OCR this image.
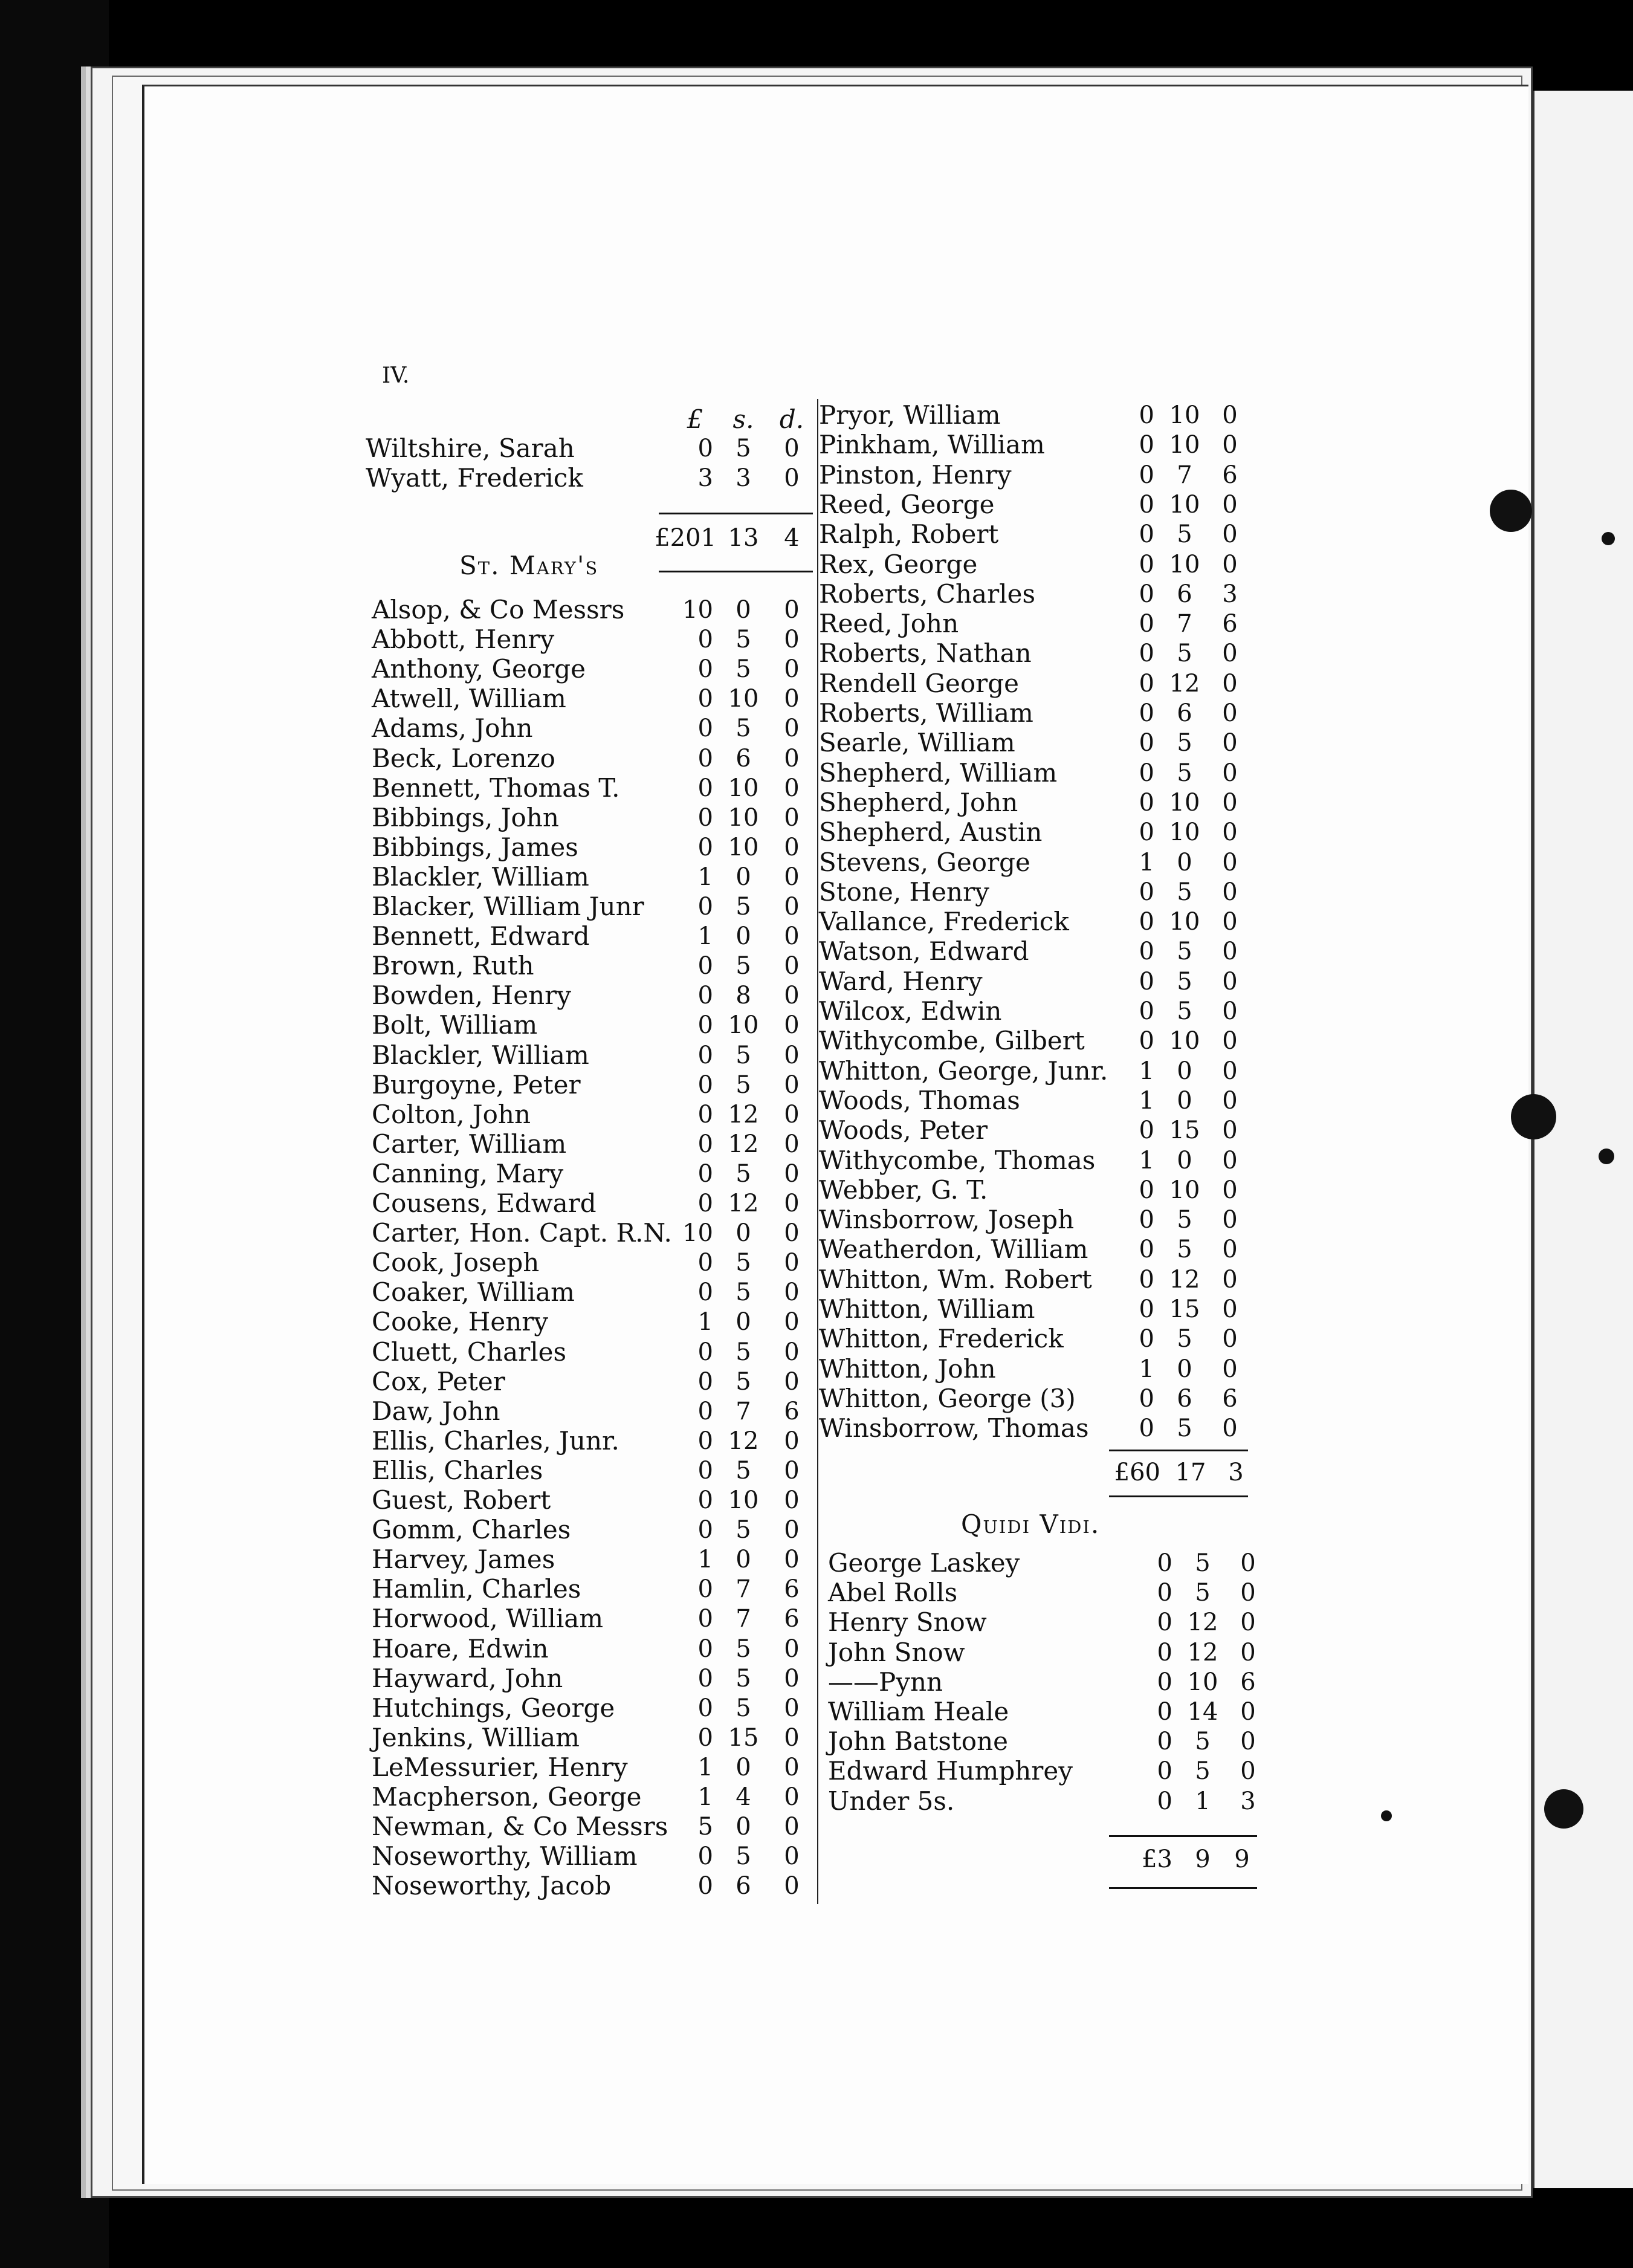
IV.
£	s.	d.
Wiltshire, Sarah	0 5	0
Wyatt, Frederick	3 3	0
£201 13 4
St. Mary's
Alsop, & Co Messrs 10 0	0
Abbott, Henry	0 5	0
Anthony, George	0 5	0
Atwell, William	0 10 0
Adams, John	0 5	0
Beck, Lorenzo	0 6	0
Bennett, Thomas T.	0 10 0
Bibbings, John	0 10 0
Bibbings, James	0 10 0
Blackler, William	1 0	0
Blacker, William Junr	0 5	0
Bennett, Edward	1 0	0
Brown, Ruth	0 5	0
Bowden, Henry	0 8	0
Bolt, William	0 10 0
Blackler, William	0 5	0
Burgoyne, Peter	0 5	0
Colton, John	0 12 0
Carter, William	0 12 0
Canning, Mary	0 5	0
Cousens, Edward	0 12 0
Carter, Hon. Capt. R.N. 10 0	0
Cook, Joseph	0 5	0
Coaker, William	0 5	0
Cooke, Henry	1 0	0
Cluett, Charles	0 5	0
Cox, Peter	0 5	0
Daw, John	0 7	6
Ellis, Charles, Junr.	0 12 0
Ellis, Charles	0 5	0
Guest, Robert	0 10 0
Gomm, Charles	0 5	0
Harvey, James	1 0	0
Hamlin, Charles	0 7	6
Horwood, William	0 7	6
Hoare, Edwin	0 5	0
Hayward, John	0 5	0
Hutchings, George	0 5	0
Jenkins, William	0 15 0
LeMessurier, Henry	1 0	0
Macpherson, George	1 4	0
Newman, & Co Messrs	5 0	0
Noseworthy, William	0 5	0
Noseworthy, Jacob	0 6	0
Pryor, William	0 10 0
Pinkham, William	0 10 0
Pinston, Henry	0 7	6
Reed, George	0 10 0
Ralph, Robert	0 5	0
Rex, George	0 10 0
Roberts, Charles	0 6	3
Reed, John	0 7	6
Roberts, Nathan	0 5	0
Rendell George	0 12 0
Roberts, William	0 6	0
Searle, William	0 5	0
Shepherd, William	0 5	0
Shepherd, John	0 10 0
Shepherd, Austin	0 10 0
Stevens, George	1 0	0
Stone, Henry	0 5	0
Vallance, Frederick	0 10 0
Watson, Edward	0 5	0
Ward, Henry	0 5	0
Wilcox, Edwin	0 5	0
Withycombe, Gilbert	0 10 0
Whitton, George, Junr.	1 0	0
Woods, Thomas	1 0	0
Woods, Peter	0 15 0
Withycombe, Thomas	1 0	0
Webber, G. T.	0 10 0
Winsborrow, Joseph	0 5	0
Weatherdon, William	0 5	0
Whitton, Wm. Robert	0 12 0
Whitton, William	0 15 0
Whitton, Frederick	0 5	0
Whitton, John	1 0	0
Whitton, George (3)	0 6	6
Winsborrow, Thomas	0 5	0
£60 17 3
Quidi Vidi.
George Laskey	0 5	0
Abel Rolls	0 5	0
Henry Snow	0 12 0
John Snow	0 12 0
——Pynn	0 10 6
William Heale	0 14 0
John Batstone	0 5	0
Edward Humphrey	0 5	0
Under 5s.	0 1	3
£3 9 9
